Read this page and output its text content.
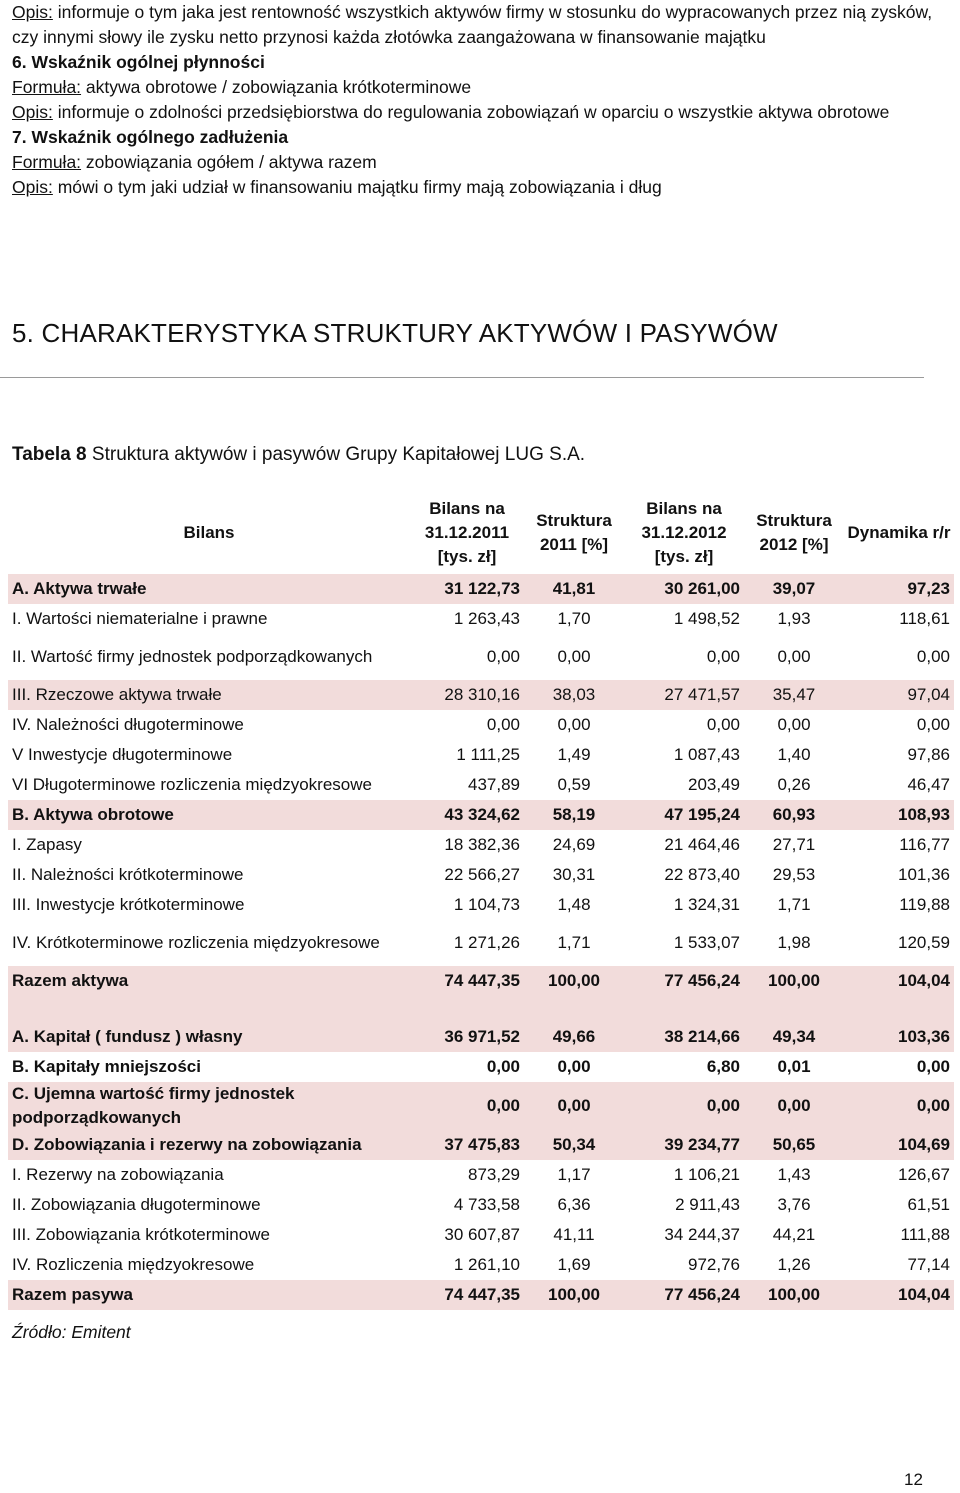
Opis: informuje o tym jaka jest rentowność wszystkich aktywów firmy w stosunku do wypracowanych przez nią zysków, czy innymi słowy ile zysku netto przynosi każda złotówka zaangażowana w finansowanie majątku

6. Wskaźnik ogólnej płynności

Formuła: aktywa obrotowe / zobowiązania krótkoterminowe

Opis: informuje o zdolności przedsiębiorstwa do regulowania zobowiązań w oparciu o wszystkie aktywa obrotowe

7. Wskaźnik ogólnego zadłużenia

Formuła: zobowiązania ogółem / aktywa razem

Opis: mówi o tym jaki udział w finansowaniu majątku firmy mają zobowiązania i dług

5. CHARAKTERYSTYKA STRUKTURY AKTYWÓW I PASYWÓW

Tabela 8 Struktura aktywów i pasywów Grupy Kapitałowej LUG S.A.

Bilans	Bilans na 31.12.2011 [tys. zł]	Struktura 2011 [%]	Bilans na 31.12.2012 [tys. zł]	Struktura 2012 [%]	Dynamika r/r
A. Aktywa trwałe	31 122,73	41,81	30 261,00	39,07	97,23
I. Wartości niematerialne i prawne	1 263,43	1,70	1 498,52	1,93	118,61
II. Wartość firmy jednostek podporządkowanych	0,00	0,00	0,00	0,00	0,00
III. Rzeczowe aktywa trwałe	28 310,16	38,03	27 471,57	35,47	97,04
IV. Należności długoterminowe	0,00	0,00	0,00	0,00	0,00
V Inwestycje długoterminowe	1 111,25	1,49	1 087,43	1,40	97,86
VI Długoterminowe rozliczenia międzyokresowe	437,89	0,59	203,49	0,26	46,47
B. Aktywa obrotowe	43 324,62	58,19	47 195,24	60,93	108,93
I. Zapasy	18 382,36	24,69	21 464,46	27,71	116,77
II. Należności krótkoterminowe	22 566,27	30,31	22 873,40	29,53	101,36
III. Inwestycje krótkoterminowe	1 104,73	1,48	1 324,31	1,71	119,88
IV. Krótkoterminowe rozliczenia międzyokresowe	1 271,26	1,71	1 533,07	1,98	120,59
Razem aktywa	74 447,35	100,00	77 456,24	100,00	104,04

A. Kapitał ( fundusz ) własny	36 971,52	49,66	38 214,66	49,34	103,36
B. Kapitały mniejszości	0,00	0,00	6,80	0,01	0,00
C. Ujemna wartość firmy jednostek podporządkowanych	0,00	0,00	0,00	0,00	0,00
D. Zobowiązania i rezerwy na zobowiązania	37 475,83	50,34	39 234,77	50,65	104,69
I. Rezerwy na zobowiązania	873,29	1,17	1 106,21	1,43	126,67
II. Zobowiązania długoterminowe	4 733,58	6,36	2 911,43	3,76	61,51
III. Zobowiązania krótkoterminowe	30 607,87	41,11	34 244,37	44,21	111,88
IV. Rozliczenia międzyokresowe	1 261,10	1,69	972,76	1,26	77,14
Razem pasywa	74 447,35	100,00	77 456,24	100,00	104,04

Źródło: Emitent

12
